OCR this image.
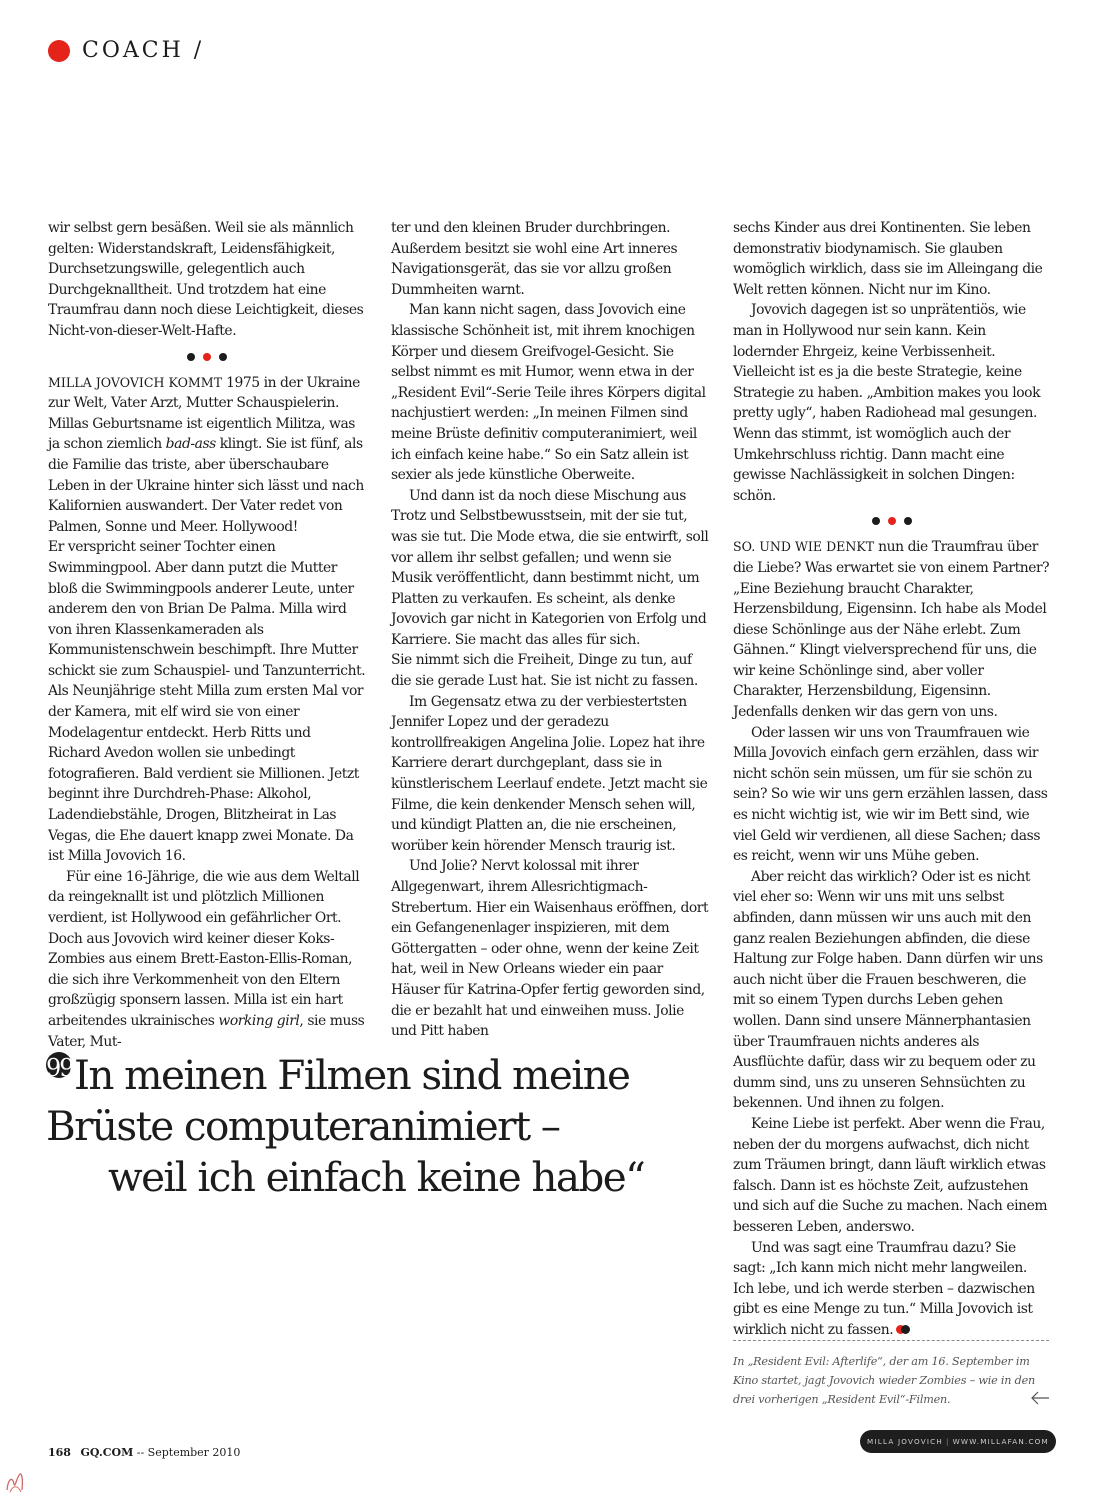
COACH /

wir selbst gern besäßen. Weil sie als männlich gelten: Widerstandskraft, Leidensfähigkeit, Durchsetzungswille, gelegentlich auch Durchgeknalltheit. Und trotzdem hat eine Traumfrau dann noch diese Leichtigkeit, dieses Nicht-von-dieser-Welt-Hafte.

MILLA JOVOVICH KOMMT 1975 in der Ukraine zur Welt, Vater Arzt, Mutter Schauspielerin. Millas Geburtsname ist eigentlich Militza, was ja schon ziemlich bad-ass klingt. Sie ist fünf, als die Familie das triste, aber überschaubare Leben in der Ukraine hinter sich lässt und nach Kalifornien auswandert. Der Vater redet von Palmen, Sonne und Meer. Hollywood!

Er verspricht seiner Tochter einen Swimmingpool. Aber dann putzt die Mutter bloß die Swimmingpools anderer Leute, unter anderem den von Brian De Palma. Milla wird von ihren Klassenkameraden als Kommunistenschwein beschimpft. Ihre Mutter schickt sie zum Schauspiel- und Tanzunterricht. Als Neunjährige steht Milla zum ersten Mal vor der Kamera, mit elf wird sie von einer Modelagentur entdeckt. Herb Ritts und Richard Avedon wollen sie unbedingt fotografieren. Bald verdient sie Millionen. Jetzt beginnt ihre Durchdreh-Phase: Alkohol, Ladendiebstähle, Drogen, Blitzheirat in Las Vegas, die Ehe dauert knapp zwei Monate. Da ist Milla Jovovich 16.

Für eine 16-Jährige, die wie aus dem Weltall da reingeknallt ist und plötzlich Millionen verdient, ist Hollywood ein gefährlicher Ort. Doch aus Jovovich wird keiner dieser Koks-Zombies aus einem Brett-Easton-Ellis-Roman, die sich ihre Verkommenheit von den Eltern großzügig sponsern lassen. Milla ist ein hart arbeitendes ukrainisches working girl, sie muss Vater, Mut-

ter und den kleinen Bruder durchbringen. Außerdem besitzt sie wohl eine Art inneres Navigationsgerät, das sie vor allzu großen Dummheiten warnt.

Man kann nicht sagen, dass Jovovich eine klassische Schönheit ist, mit ihrem knochigen Körper und diesem Greifvogel-Gesicht. Sie selbst nimmt es mit Humor, wenn etwa in der „Resident Evil“-Serie Teile ihres Körpers digital nachjustiert werden: „In meinen Filmen sind meine Brüste definitiv computeranimiert, weil ich einfach keine habe.“ So ein Satz allein ist sexier als jede künstliche Oberweite.

Und dann ist da noch diese Mischung aus Trotz und Selbstbewusstsein, mit der sie tut, was sie tut. Die Mode etwa, die sie entwirft, soll vor allem ihr selbst gefallen; und wenn sie Musik veröffentlicht, dann bestimmt nicht, um Platten zu verkaufen. Es scheint, als denke Jovovich gar nicht in Kategorien von Erfolg und Karriere. Sie macht das alles für sich.

Sie nimmt sich die Freiheit, Dinge zu tun, auf die sie gerade Lust hat. Sie ist nicht zu fassen.

Im Gegensatz etwa zu der verbiestertsten Jennifer Lopez und der geradezu kontrollfreakigen Angelina Jolie. Lopez hat ihre Karriere derart durchgeplant, dass sie in künstlerischem Leerlauf endete. Jetzt macht sie Filme, die kein denkender Mensch sehen will, und kündigt Platten an, die nie erscheinen, worüber kein hörender Mensch traurig ist.

Und Jolie? Nervt kolossal mit ihrer Allgegenwart, ihrem Allesrichtigmach-Strebertum. Hier ein Waisenhaus eröffnen, dort ein Gefangenenlager inspizieren, mit dem Göttergatten – oder ohne, wenn der keine Zeit hat, weil in New Orleans wieder ein paar Häuser für Katrina-Opfer fertig geworden sind, die er bezahlt hat und einweihen muss. Jolie und Pitt haben

sechs Kinder aus drei Kontinenten. Sie leben demonstrativ biodynamisch. Sie glauben womöglich wirklich, dass sie im Alleingang die Welt retten können. Nicht nur im Kino.

Jovovich dagegen ist so unprätentiös, wie man in Hollywood nur sein kann. Kein lodernder Ehrgeiz, keine Verbissenheit. Vielleicht ist es ja die beste Strategie, keine Strategie zu haben. „Ambition makes you look pretty ugly“, haben Radiohead mal gesungen. Wenn das stimmt, ist womöglich auch der Umkehrschluss richtig. Dann macht eine gewisse Nachlässigkeit in solchen Dingen: schön.

SO. UND WIE DENKT nun die Traumfrau über die Liebe? Was erwartet sie von einem Partner? „Eine Beziehung braucht Charakter, Herzensbildung, Eigensinn. Ich habe als Model diese Schönlinge aus der Nähe erlebt. Zum Gähnen.“ Klingt vielversprechend für uns, die wir keine Schönlinge sind, aber voller Charakter, Herzensbildung, Eigensinn. Jedenfalls denken wir das gern von uns.

Oder lassen wir uns von Traumfrauen wie Milla Jovovich einfach gern erzählen, dass wir nicht schön sein müssen, um für sie schön zu sein? So wie wir uns gern erzählen lassen, dass es nicht wichtig ist, wie wir im Bett sind, wie viel Geld wir verdienen, all diese Sachen; dass es reicht, wenn wir uns Mühe geben.

Aber reicht das wirklich? Oder ist es nicht viel eher so: Wenn wir uns mit uns selbst abfinden, dann müssen wir uns auch mit den ganz realen Beziehungen abfinden, die diese Haltung zur Folge haben. Dann dürfen wir uns auch nicht über die Frauen beschweren, die mit so einem Typen durchs Leben gehen wollen. Dann sind unsere Männerphantasien über Traumfrauen nichts anderes als Ausflüchte dafür, dass wir zu bequem oder zu dumm sind, uns zu unseren Sehnsüchten zu bekennen. Und ihnen zu folgen.

Keine Liebe ist perfekt. Aber wenn die Frau, neben der du morgens aufwachst, dich nicht zum Träumen bringt, dann läuft wirklich etwas falsch. Dann ist es höchste Zeit, aufzustehen und sich auf die Suche zu machen. Nach einem besseren Leben, anderswo.

Und was sagt eine Traumfrau dazu? Sie sagt: „Ich kann mich nicht mehr langweilen. Ich lebe, und ich werde sterben – dazwischen gibt es eine Menge zu tun.“ Milla Jovovich ist wirklich nicht zu fassen.

99In meinen Filmen sind meine
Brüste computeranimiert –
weil ich einfach keine habe“
In „Resident Evil: Afterlife“, der am 16. September im Kino startet, jagt Jovovich wieder Zombies – wie in den drei vorherigen „Resident Evil“-Filmen.
168 GQ.COM -- September 2010
MILLA JOVOVICH | WWW.MILLAFAN.COM
